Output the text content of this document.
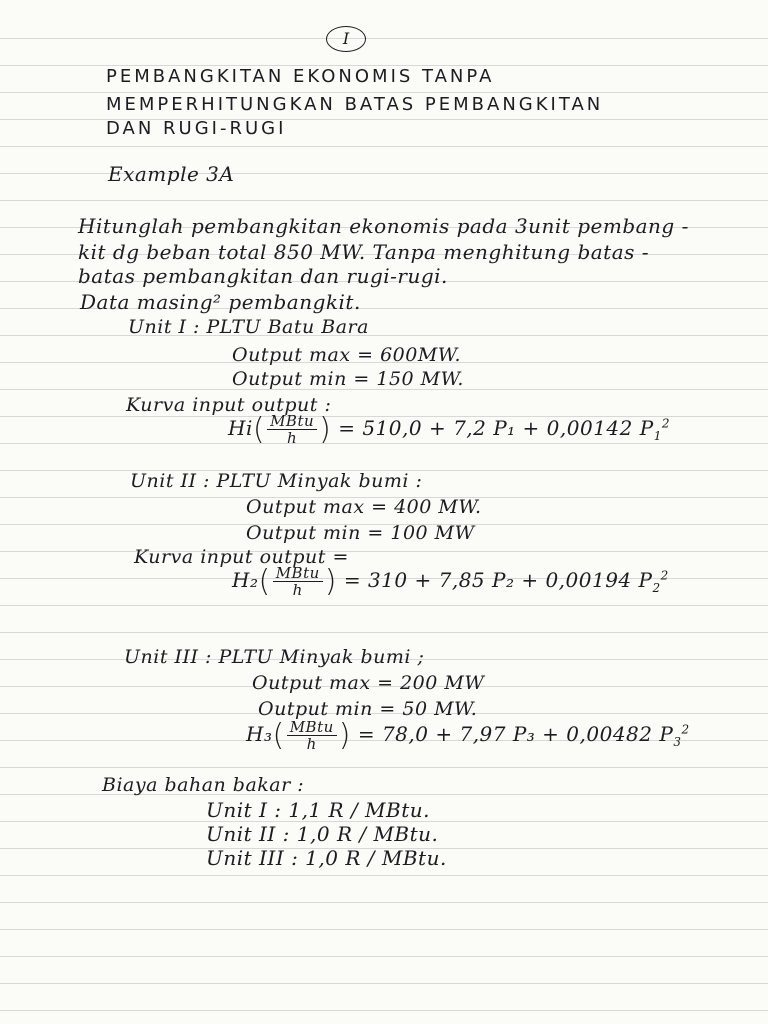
I
PEMBANGKITAN EKONOMIS TANPA
MEMPERHITUNGKAN BATAS PEMBANGKITAN
DAN RUGI-RUGI
Example 3A
Hitunglah pembangkitan ekonomis pada 3unit pembang -
kit dg beban total 850 MW. Tanpa menghitung batas -
batas pembangkitan dan rugi-rugi.
Data masing² pembangkit.
Unit I : PLTU Batu Bara
Output max = 600MW.
Output min = 150 MW.
Kurva input output :
$Hi( \frac{\text{MBtu}}{h}$ ) = 510,0 + 7,2 P₁ + 0,00142 $P_1^2$
Unit II : PLTU Minyak bumi :
Output max = 400 MW.
Output min = 100 MW
Kurva input output =
$H_2( \frac{\text{MBtu}}{h}$ ) = 310 + 7,85 P₂ + 0,00194 $P_2^2$
Unit III : PLTU Minyak bumi ;
Output max = 200 MW
Output min = 50 MW.
$H_3( \frac{\text{MBtu}}{h}$ ) = 78,0 + 7,97 P₃ + 0,00482 $P_3^2$
Biaya bahan bakar :
Unit I : 1,1 R / MBtu.
Unit II : 1,0 R / MBtu.
Unit III : 1,0 R / MBtu.
